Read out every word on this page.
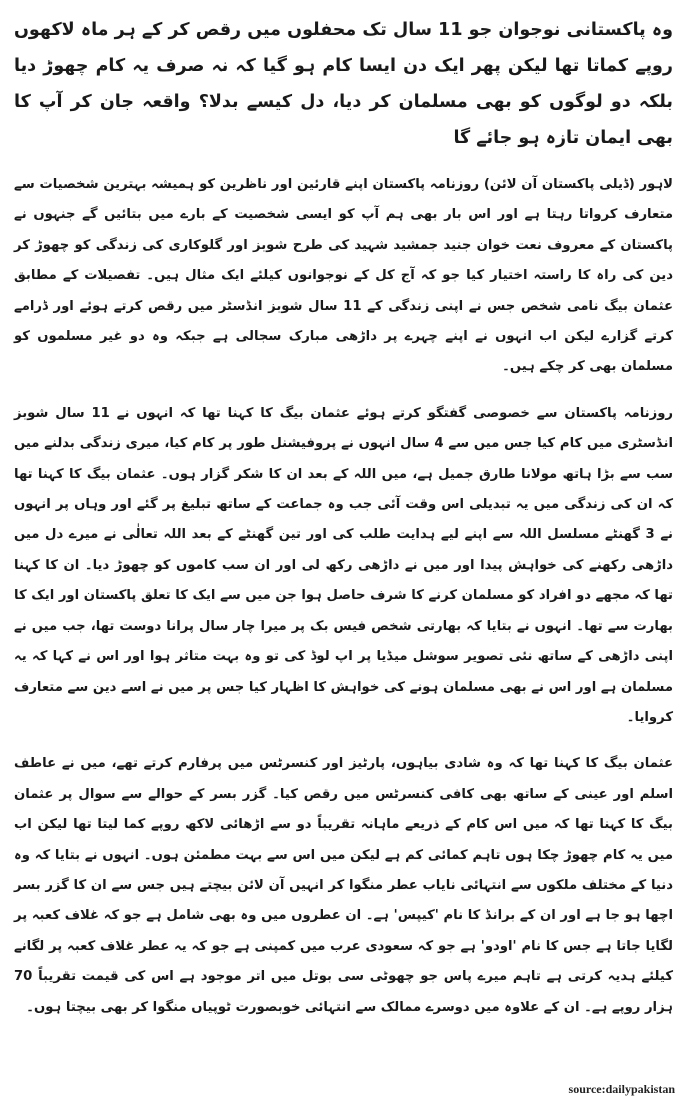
وہ پاکستانی نوجوان جو 11 سال تک محفلوں میں رقص کر کے ہر ماہ لاکھوں روپے کماتا تھا لیکن پھر ایک دن ایسا کام ہو گیا کہ نہ صرف یہ کام چھوڑ دیا بلکہ دو لوگوں کو بھی مسلمان کر دیا، دل کیسے بدلا؟ واقعہ جان کر آپ کا بھی ایمان تازہ ہو جائے گا

لاہور (ڈیلی پاکستان آن لائن) روزنامہ پاکستان اپنے قارئین اور ناظرین کو ہمیشہ بہترین شخصیات سے متعارف کرواتا رہتا ہے اور اس بار بھی ہم آپ کو ایسی شخصیت کے بارے میں بتائیں گے جنہوں نے پاکستان کے معروف نعت خوان جنید جمشید شہید کی طرح شوبز اور گلوکاری کی زندگی کو چھوڑ کر دین کی راہ کا راستہ اختیار کیا جو کہ آج کل کے نوجوانوں کیلئے ایک مثال ہیں۔ تفصیلات کے مطابق عثمان بیگ نامی شخص جس نے اپنی زندگی کے 11 سال شوبز انڈسٹر میں رقص کرتے ہوئے اور ڈرامے کرتے گزارے لیکن اب انہوں نے اپنے چہرے پر داڑھی مبارک سجالی ہے جبکہ وہ دو غیر مسلموں کو مسلمان بھی کر چکے ہیں۔

روزنامہ پاکستان سے خصوصی گفتگو کرتے ہوئے عثمان بیگ کا کہنا تھا کہ انہوں نے 11 سال شوبز انڈسٹری میں کام کیا جس میں سے 4 سال انہوں نے پروفیشنل طور پر کام کیا، میری زندگی بدلنے میں سب سے بڑا ہاتھ مولانا طارق جمیل ہے، میں اللہ کے بعد ان کا شکر گزار ہوں۔ عثمان بیگ کا کہنا تھا کہ ان کی زندگی میں یہ تبدیلی اس وقت آئی جب وہ جماعت کے ساتھ تبلیغ پر گئے اور وہاں پر انہوں نے 3 گھنٹے مسلسل اللہ سے اپنے لیے ہدایت طلب کی اور تین گھنٹے کے بعد اللہ تعالٰی نے میرے دل میں داڑھی رکھنے کی خواہش پیدا اور میں نے داڑھی رکھ لی اور ان سب کاموں کو چھوڑ دیا۔ ان کا کہنا تھا کہ مجھے دو افراد کو مسلمان کرنے کا شرف حاصل ہوا جن میں سے ایک کا تعلق پاکستان اور ایک کا بھارت سے تھا۔ انہوں نے بتایا کہ بھارتی شخص فیس بک پر میرا چار سال پرانا دوست تھا، جب میں نے اپنی داڑھی کے ساتھ نئی تصویر سوشل میڈیا پر اپ لوڈ کی تو وہ بہت متاثر ہوا اور اس نے کہا کہ یہ مسلمان ہے اور اس نے بھی مسلمان ہونے کی خواہش کا اظہار کیا جس پر میں نے اسے دین سے متعارف کروایا۔

عثمان بیگ کا کہنا تھا کہ وہ شادی بیاہوں، پارٹیز اور کنسرٹس میں پرفارم کرتے تھے، میں نے عاطف اسلم اور عینی کے ساتھ بھی کافی کنسرٹس میں رقص کیا۔ گزر بسر کے حوالے سے سوال پر عثمان بیگ کا کہنا تھا کہ میں اس کام کے ذریعے ماہانہ تقریباً دو سے اڑھائی لاکھ روپے کما لیتا تھا لیکن اب میں یہ کام چھوڑ چکا ہوں تاہم کمائی کم ہے لیکن میں اس سے بہت مطمئن ہوں۔ انہوں نے بتایا کہ وہ دنیا کے مختلف ملکوں سے انتہائی نایاب عطر منگوا کر انہیں آن لائن بیچتے ہیں جس سے ان کا گزر بسر اچھا ہو جا ہے اور ان کے برانڈ کا نام 'کیپس' ہے۔ ان عطروں میں وہ بھی شامل ہے جو کہ غلاف کعبہ پر لگایا جاتا ہے جس کا نام 'اودو' ہے جو کہ سعودی عرب میں کمپنی ہے جو کہ یہ عطر غلاف کعبہ پر لگانے کیلئے ہدیہ کرتی ہے تاہم میرے پاس جو چھوٹی سی بوتل میں اتر موجود ہے اس کی قیمت تقریباً 70 ہزار روپے ہے۔ ان کے علاوہ میں دوسرے ممالک سے انتہائی خوبصورت ٹوپیاں منگوا کر بھی بیچتا ہوں۔

source:dailypakistan
